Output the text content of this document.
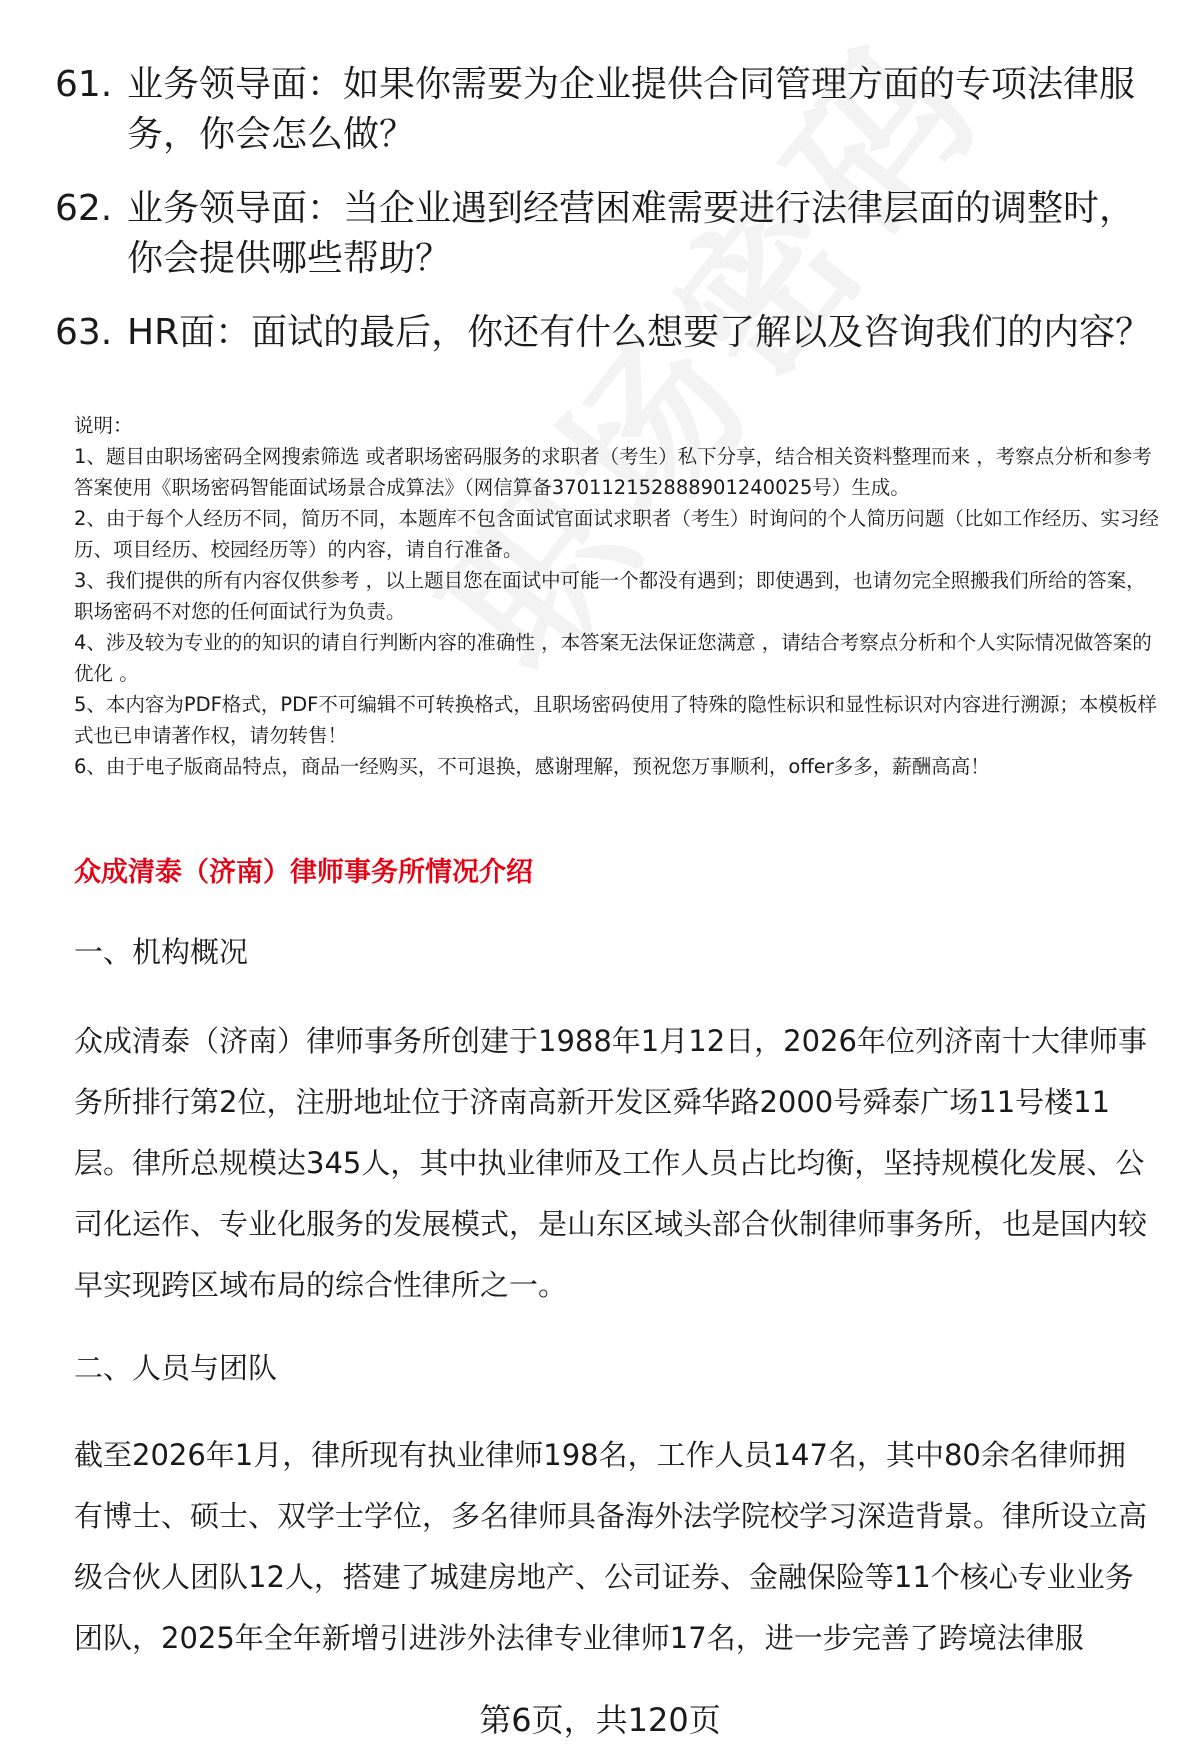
61. 业务领导面：如果你需要为企业提供合同管理方面的专项法律服务，你会怎么做？
62. 业务领导面：当企业遇到经营困难需要进行法律层面的调整时，你会提供哪些帮助？
63. HR面：面试的最后，你还有什么想要了解以及咨询我们的内容？

说明：

1、题目由职场密码全网搜索筛选 或者职场密码服务的求职者（考生）私下分享，结合相关资料整理而来 ，考察点分析和参考答案使用《职场密码智能面试场景合成算法》（网信算备370112152888901240025号）生成。

2、由于每个人经历不同，简历不同，本题库不包含面试官面试求职者（考生）时询问的个人简历问题（比如工作经历、实习经历、项目经历、校园经历等）的内容，请自行准备。

3、我们提供的所有内容仅供参考 ，以上题目您在面试中可能一个都没有遇到；即使遇到，也请勿完全照搬我们所给的答案，职场密码不对您的任何面试行为负责。

4、涉及较为专业的的知识的请自行判断内容的准确性 ，本答案无法保证您满意 ，请结合考察点分析和个人实际情况做答案的优化 。

5、本内容为PDF格式，PDF不可编辑不可转换格式，且职场密码使用了特殊的隐性标识和显性标识对内容进行溯源；本模板样式也已申请著作权，请勿转售！

6、由于电子版商品特点，商品一经购买，不可退换，感谢理解，预祝您万事顺利，offer多多，薪酬高高！

众成清泰（济南）律师事务所情况介绍
一、机构概况

众成清泰（济南）律师事务所创建于1988年1月12日，2026年位列济南十大律师事务所排行第2位，注册地址位于济南高新开发区舜华路2000号舜泰广场11号楼11层。律所总规模达345人，其中执业律师及工作人员占比均衡，坚持规模化发展、公司化运作、专业化服务的发展模式，是山东区域头部合伙制律师事务所，也是国内较早实现跨区域布局的综合性律所之一。

二、人员与团队

截至2026年1月，律所现有执业律师198名，工作人员147名，其中80余名律师拥有博士、硕士、双学士学位，多名律师具备海外法学院校学习深造背景。律所设立高级合伙人团队12人，搭建了城建房地产、公司证券、金融保险等11个核心专业业务团队，2025年全年新增引进涉外法律专业律师17名，进一步完善了跨境法律服

第6页，共120页
